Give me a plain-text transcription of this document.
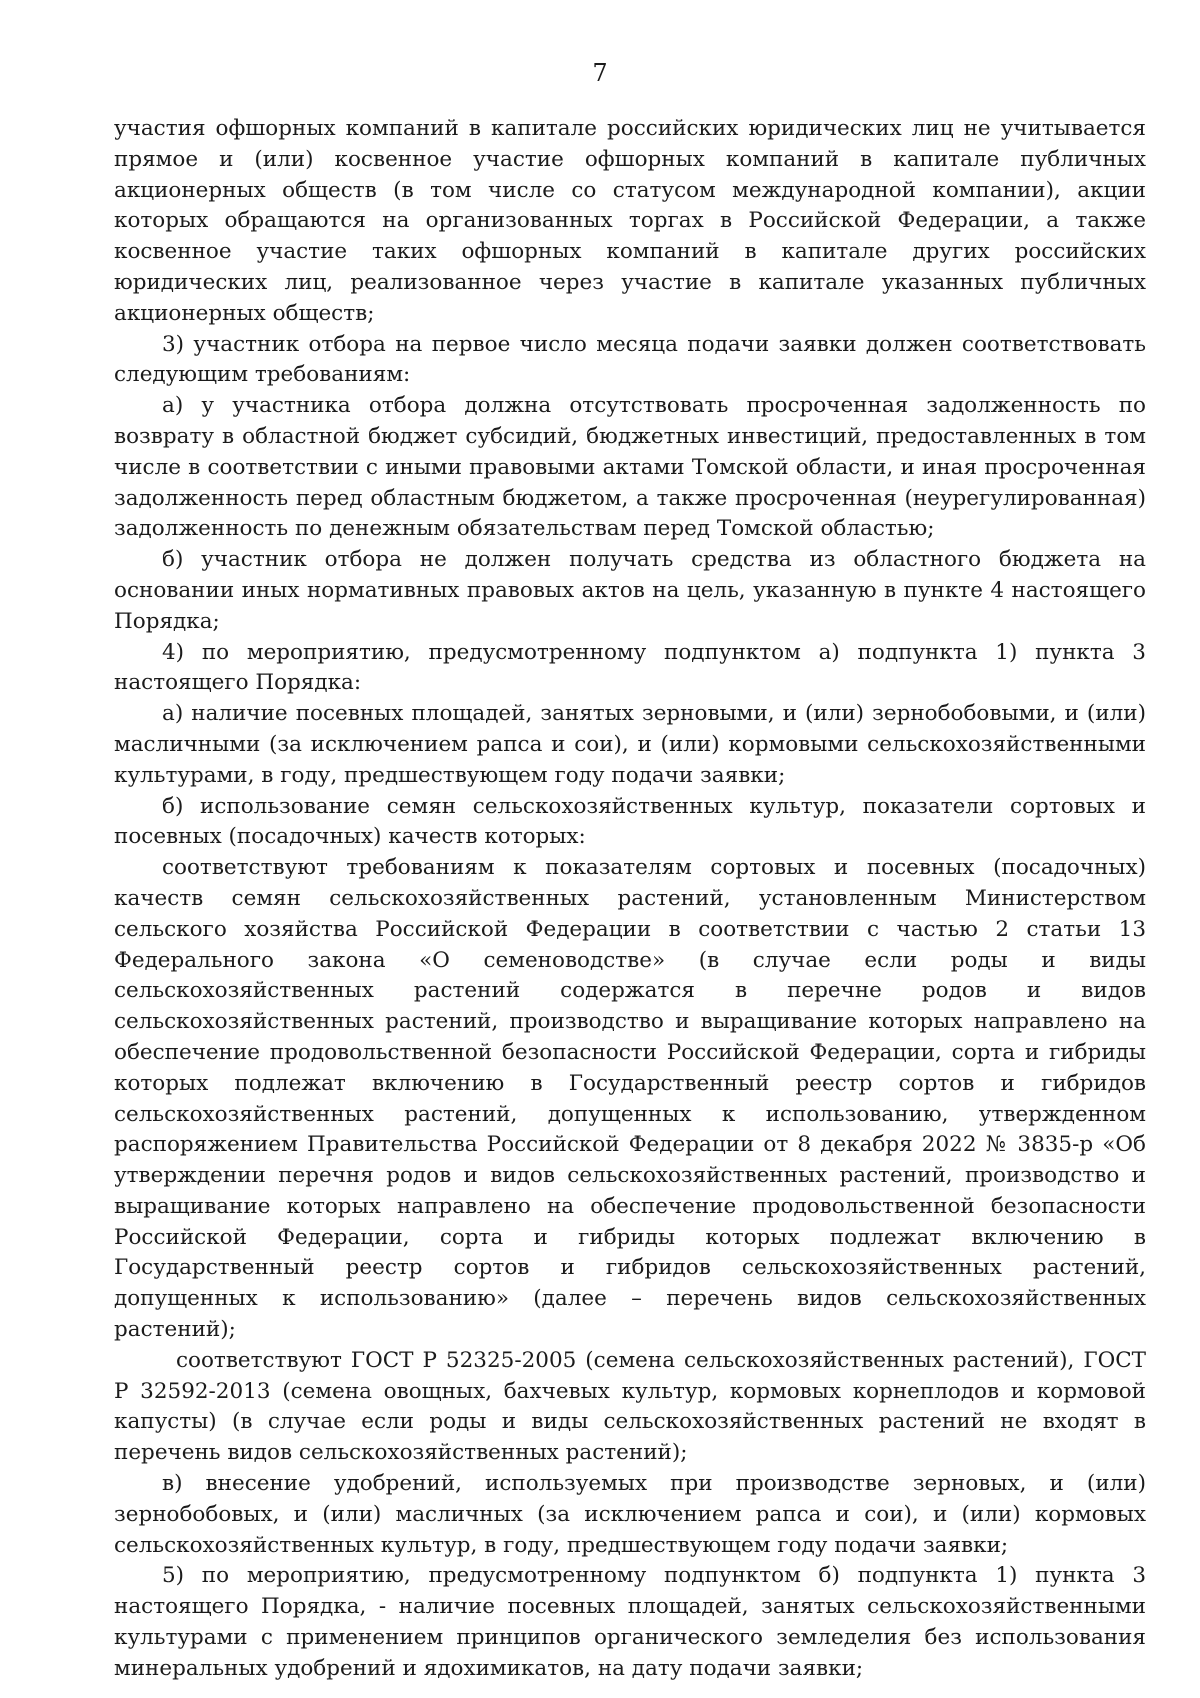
7

участия офшорных компаний в капитале российских юридических лиц не учитывается прямое и (или) косвенное участие офшорных компаний в капитале публичных акционерных обществ (в том числе со статусом международной компании), акции которых обращаются на организованных торгах в Российской Федерации, а также косвенное участие таких офшорных компаний в капитале других российских юридических лиц, реализованное через участие в капитале указанных публичных акционерных обществ;

3) участник отбора на первое число месяца подачи заявки должен соответствовать следующим требованиям:

а) у участника отбора должна отсутствовать просроченная задолженность по возврату в областной бюджет субсидий, бюджетных инвестиций, предоставленных в том числе в соответствии с иными правовыми актами Томской области, и иная просроченная задолженность перед областным бюджетом, а также просроченная (неурегулированная) задолженность по денежным обязательствам перед Томской областью;

б) участник отбора не должен получать средства из областного бюджета на основании иных нормативных правовых актов на цель, указанную в пункте 4 настоящего Порядка;

4) по мероприятию, предусмотренному подпунктом а) подпункта 1) пункта 3 настоящего Порядка:

а) наличие посевных площадей, занятых зерновыми, и (или) зернобобовыми, и (или) масличными (за исключением рапса и сои), и (или) кормовыми сельскохозяйственными культурами, в году, предшествующем году подачи заявки;

б) использование семян сельскохозяйственных культур, показатели сортовых и посевных (посадочных) качеств которых:

соответствуют требованиям к показателям сортовых и посевных (посадочных) качеств семян сельскохозяйственных растений, установленным Министерством сельского хозяйства Российской Федерации в соответствии с частью 2 статьи 13 Федерального закона «О семеноводстве» (в случае если роды и виды сельскохозяйственных растений содержатся в перечне родов и видов сельскохозяйственных растений, производство и выращивание которых направлено на обеспечение продовольственной безопасности Российской Федерации, сорта и гибриды которых подлежат включению в Государственный реестр сортов и гибридов сельскохозяйственных растений, допущенных к использованию, утвержденном распоряжением Правительства Российской Федерации от 8 декабря 2022 № 3835-р «Об утверждении перечня родов и видов сельскохозяйственных растений, производство и выращивание которых направлено на обеспечение продовольственной безопасности Российской Федерации, сорта и гибриды которых подлежат включению в Государственный реестр сортов и гибридов сельскохозяйственных растений, допущенных к использованию» (далее – перечень видов сельскохозяйственных растений);

соответствуют ГОСТ Р 52325-2005 (семена сельскохозяйственных растений), ГОСТ Р 32592-2013 (семена овощных, бахчевых культур, кормовых корнеплодов и кормовой капусты) (в случае если роды и виды сельскохозяйственных растений не входят в перечень видов сельскохозяйственных растений);

в) внесение удобрений, используемых при производстве зерновых, и (или) зернобобовых, и (или) масличных (за исключением рапса и сои), и (или) кормовых сельскохозяйственных культур, в году, предшествующем году подачи заявки;

5) по мероприятию, предусмотренному подпунктом б) подпункта 1) пункта 3 настоящего Порядка, - наличие посевных площадей, занятых сельскохозяйственными культурами с применением принципов органического земледелия без использования минеральных удобрений и ядохимикатов, на дату подачи заявки;
